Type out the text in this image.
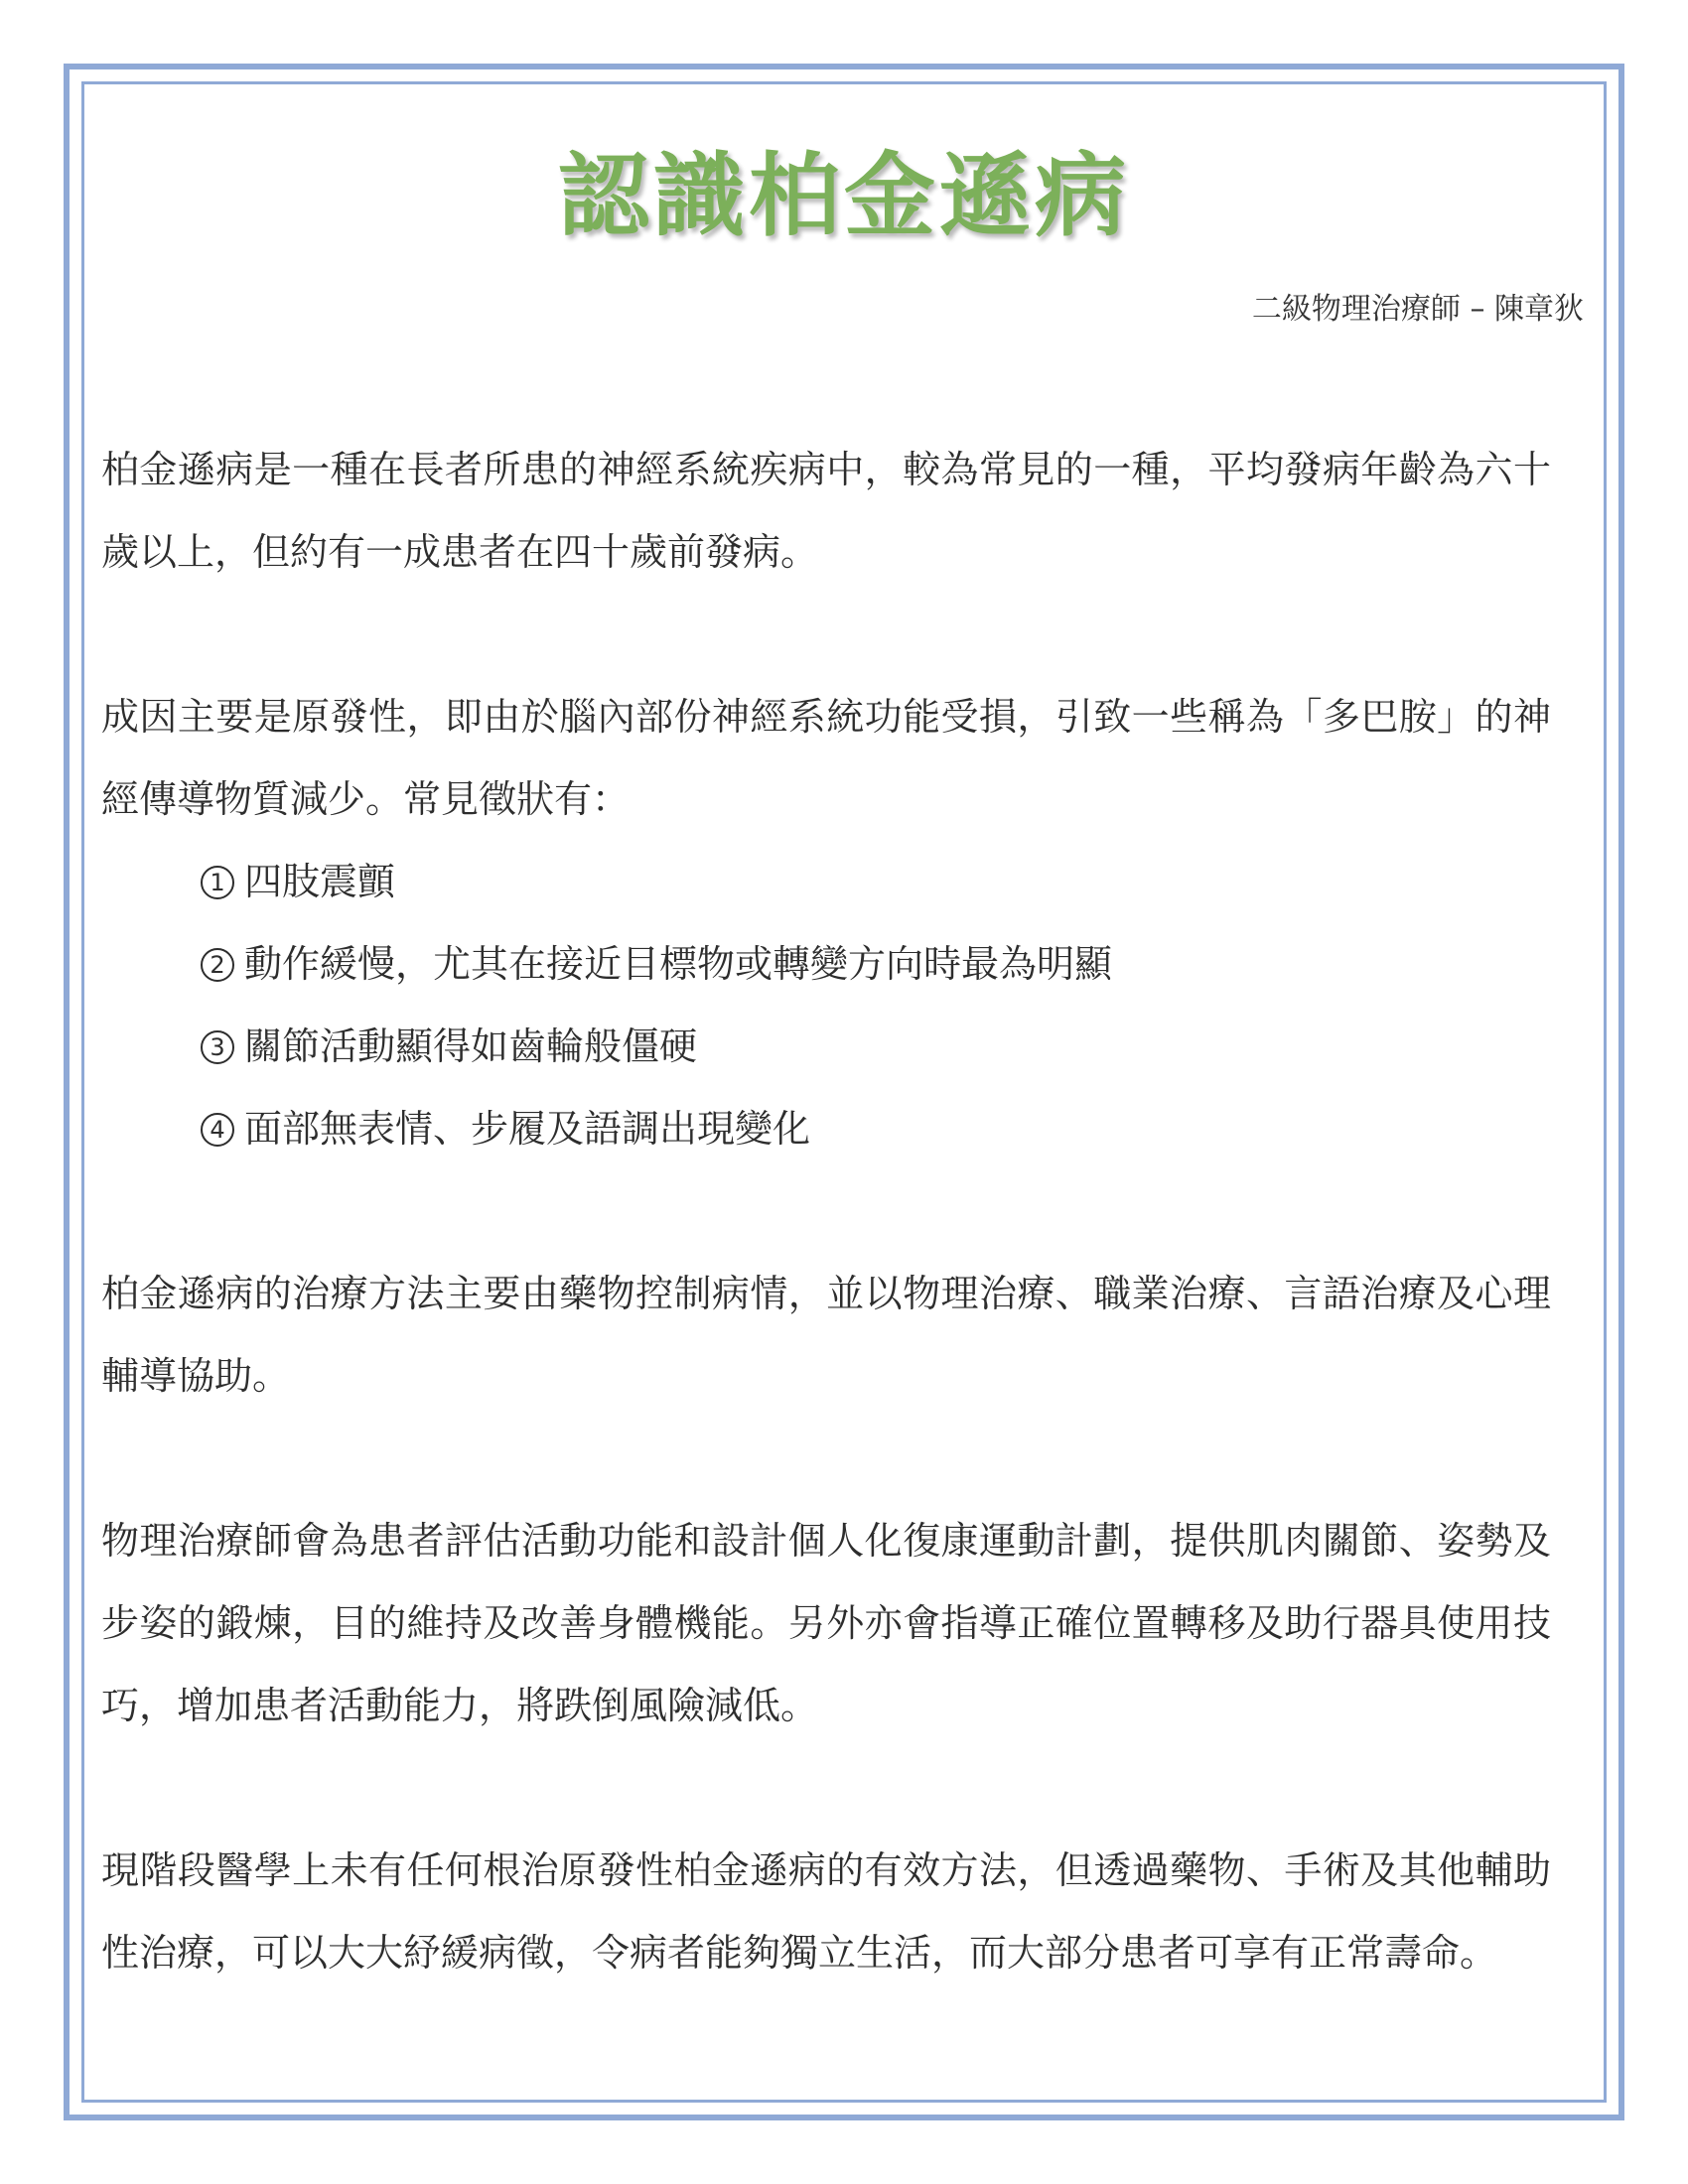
認識柏金遜病
二級物理治療師 – 陳章狄

柏金遜病是一種在長者所患的神經系統疾病中，較為常見的一種，平均發病年齡為六十歲以上，但約有一成患者在四十歲前發病。

成因主要是原發性，即由於腦內部份神經系統功能受損，引致一些稱為「多巴胺」的神經傳導物質減少。常見徵狀有：

1 四肢震顫
2 動作緩慢，尤其在接近目標物或轉變方向時最為明顯
3 關節活動顯得如齒輪般僵硬
4 面部無表情、步履及語調出現變化

柏金遜病的治療方法主要由藥物控制病情，並以物理治療、職業治療、言語治療及心理輔導協助。

物理治療師會為患者評估活動功能和設計個人化復康運動計劃，提供肌肉關節、姿勢及步姿的鍛煉，目的維持及改善身體機能。另外亦會指導正確位置轉移及助行器具使用技巧，增加患者活動能力，將跌倒風險減低。

現階段醫學上未有任何根治原發性柏金遜病的有效方法，但透過藥物、手術及其他輔助性治療，可以大大紓緩病徵，令病者能夠獨立生活，而大部分患者可享有正常壽命。
